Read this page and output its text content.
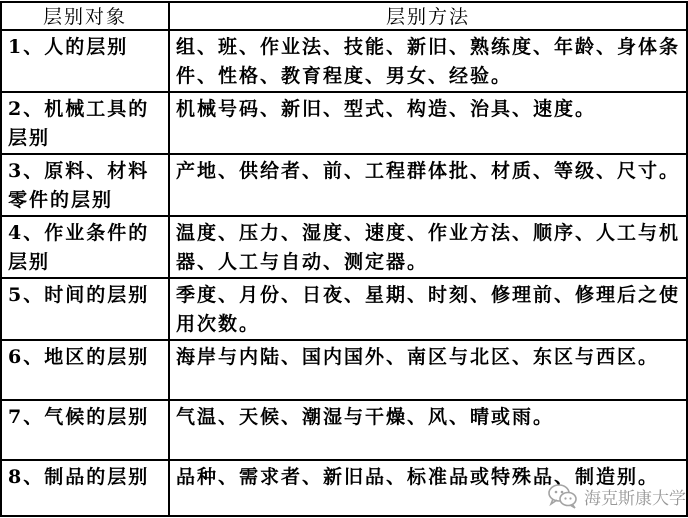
层别对象	层别方法
1、人的层别	组、班、作业法、技能、新旧、熟练度、年龄、身体条件、性格、教育程度、男女、经验。
2、机械工具的层别	机械号码、新旧、型式、构造、治具、速度。
3、原料、材料零件的层别	产地、供给者、前、工程群体批、材质、等级、尺寸。
4、作业条件的层别	温度、压力、湿度、速度、作业方法、顺序、人工与机器、人工与自动、测定器。
5、时间的层别	季度、月份、日夜、星期、时刻、修理前、修理后之使用次数。
6、地区的层别	海岸与内陆、国内国外、南区与北区、东区与西区。
7、气候的层别	气温、天候、潮湿与干燥、风、晴或雨。
8、制品的层别	品种、需求者、新旧品、标准品或特殊品、制造别。
海克斯康大学
